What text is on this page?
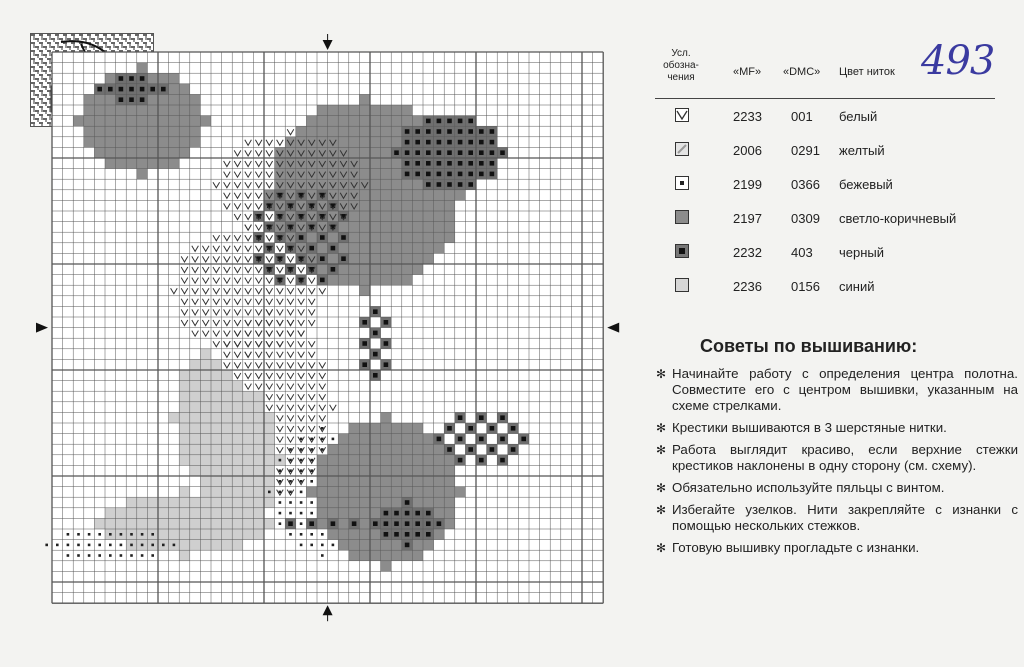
Усл. обозна- чения	«MF» «DMC» Цвет ниток 493
2233 001 белый
2006 0291 желтый
2199 0366 бежевый
2197 0309 светло-коричневый
2232 403 черный
2236 0156 синий
Советы по вышиванию:
✻ Начинайте работу с определения центра полотна. Совместите его с центром вышивки, указанным на схеме стрелками.
✻ Крестики вышиваются в 3 шерстяные нитки.
✻ Работа выглядит красиво, если верхние стежки крестиков наклонены в одну сторону (см. схему).
✻ Обязательно используйте пяльцы с винтом.
✻ Избегайте узелков. Нити закрепляйте с изнанки с помощью нескольких стежков.
✻ Готовую вышивку прогладьте с изнанки.
